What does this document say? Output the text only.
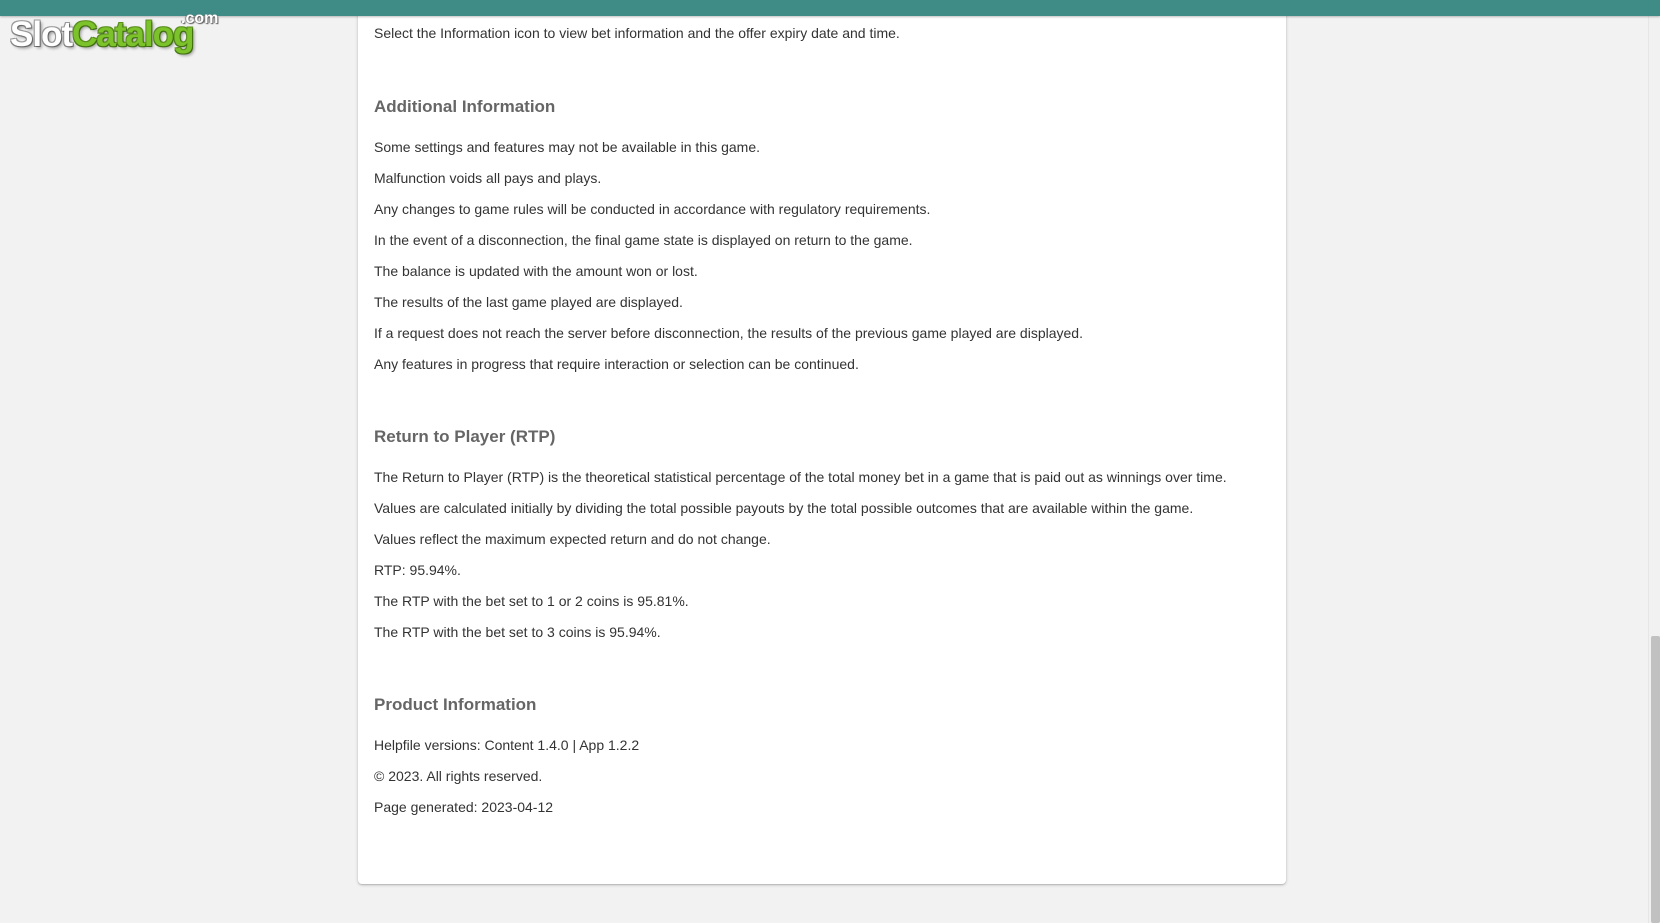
.com
SlotCatalog	Select the Information icon to view bet information and the offer expiry date and time.

Additional Information

Some settings and features may not be available in this game.

Malfunction voids all pays and plays.

Any changes to game rules will be conducted in accordance with regulatory requirements.

In the event of a disconnection, the final game state is displayed on return to the game.

The balance is updated with the amount won or lost.

The results of the last game played are displayed.

If a request does not reach the server before disconnection, the results of the previous game played are displayed.

Any features in progress that require interaction or selection can be continued.

Return to Player (RTP)

The Return to Player (RTP) is the theoretical statistical percentage of the total money bet in a game that is paid out as winnings over time.

Values are calculated initially by dividing the total possible payouts by the total possible outcomes that are available within the game.

Values reflect the maximum expected return and do not change.

RTP: 95.94%.

The RTP with the bet set to 1 or 2 coins is 95.81%.

The RTP with the bet set to 3 coins is 95.94%.

Product Information

Helpfile versions: Content 1.4.0 | App 1.2.2

© 2023. All rights reserved.

Page generated: 2023-04-12
